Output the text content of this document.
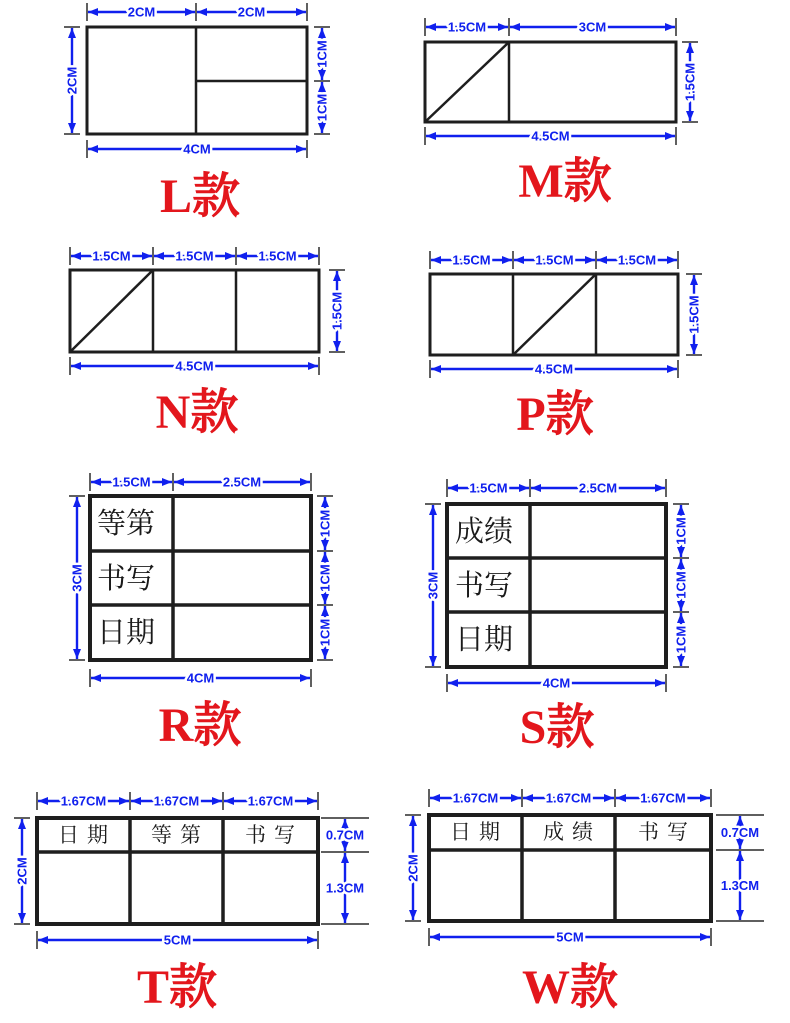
2CM	2CM
4CM
2CM
1CM
1CM
L款
1.5CM	3CM
4.5CM
1.5CM
M款
1.5CM	1.5CM	1.5CM
4.5CM
1.5CM
N款
1.5CM	1.5CM	1.5CM
4.5CM
1.5CM
P款
等第
书写
日期
1.5CM	2.5CM
4CM
3CM
1CM
1CM
1CM
R款
成绩
书写
日期
1.5CM	2.5CM
4CM
3CM
1CM
1CM
1CM
S款
日期 等第 书写
1.67CM	1.67CM	1.67CM
5CM
2CM
0.7CM
1.3CM
T款
日期 成绩 书写
1.67CM	1.67CM	1.67CM
5CM
2CM
0.7CM
1.3CM
W款
